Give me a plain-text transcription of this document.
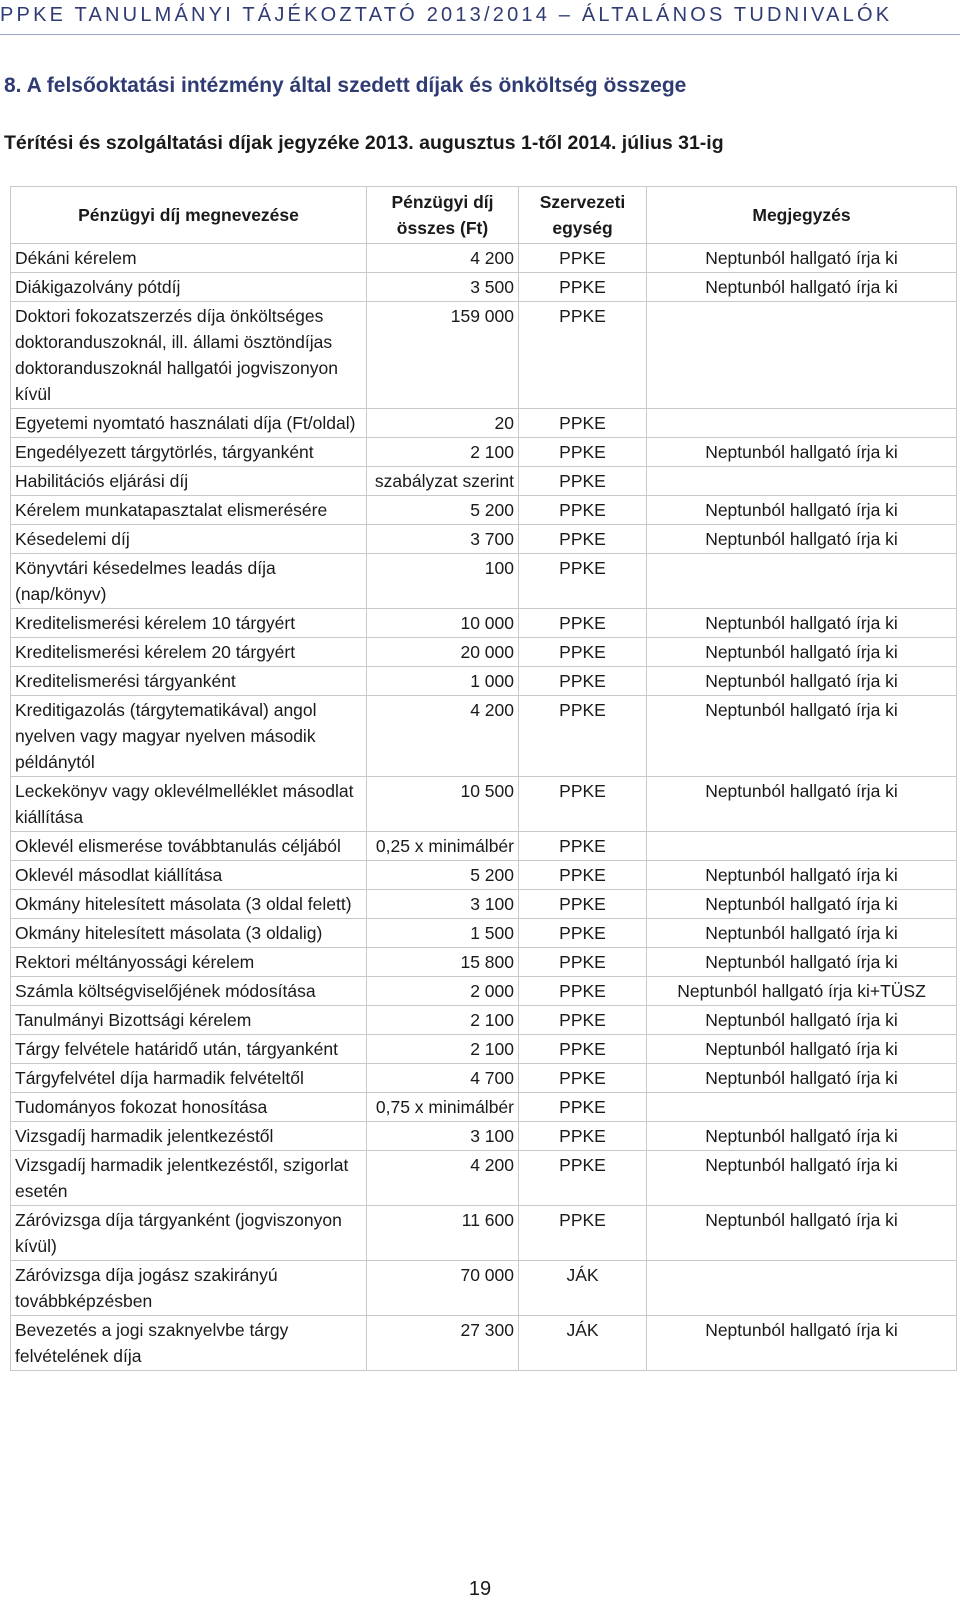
PPKE TANULMÁNYI TÁJÉKOZTATÓ 2013/2014 – ÁLTALÁNOS TUDNIVALÓK
8. A felsőoktatási intézmény által szedett díjak és önköltség összege
Térítési és szolgáltatási díjak jegyzéke 2013. augusztus 1-től 2014. július 31-ig
Pénzügyi díj megnevezése	Pénzügyi díj összes (Ft)	Szervezeti egység	Megjegyzés
Dékáni kérelem	4 200	PPKE	Neptunból hallgató írja ki
Diákigazolvány pótdíj	3 500	PPKE	Neptunból hallgató írja ki
Doktori fokozatszerzés díja önköltséges doktoranduszoknál, ill. állami ösztöndíjas doktoranduszoknál hallgatói jogviszonyon kívül	159 000	PPKE	
Egyetemi nyomtató használati díja (Ft/oldal)	20	PPKE	
Engedélyezett tárgytörlés, tárgyanként	2 100	PPKE	Neptunból hallgató írja ki
Habilitációs eljárási díj	szabályzat szerint	PPKE	
Kérelem munkatapasztalat elismerésére	5 200	PPKE	Neptunból hallgató írja ki
Késedelemi díj	3 700	PPKE	Neptunból hallgató írja ki
Könyvtári késedelmes leadás díja (nap/könyv)	100	PPKE	
Kreditelismerési kérelem 10 tárgyért	10 000	PPKE	Neptunból hallgató írja ki
Kreditelismerési kérelem 20 tárgyért	20 000	PPKE	Neptunból hallgató írja ki
Kreditelismerési tárgyanként	1 000	PPKE	Neptunból hallgató írja ki
Kreditigazolás (tárgytematikával) angol nyelven vagy magyar nyelven második példánytól	4 200	PPKE	Neptunból hallgató írja ki
Leckekönyv vagy oklevélmelléklet másodlat kiállítása	10 500	PPKE	Neptunból hallgató írja ki
Oklevél elismerése továbbtanulás céljából	0,25 x minimálbér	PPKE	
Oklevél másodlat kiállítása	5 200	PPKE	Neptunból hallgató írja ki
Okmány hitelesített másolata (3 oldal felett)	3 100	PPKE	Neptunból hallgató írja ki
Okmány hitelesített másolata (3 oldalig)	1 500	PPKE	Neptunból hallgató írja ki
Rektori méltányossági kérelem	15 800	PPKE	Neptunból hallgató írja ki
Számla költségviselőjének módosítása	2 000	PPKE	Neptunból hallgató írja ki+TÜSZ
Tanulmányi Bizottsági kérelem	2 100	PPKE	Neptunból hallgató írja ki
Tárgy felvétele határidő után, tárgyanként	2 100	PPKE	Neptunból hallgató írja ki
Tárgyfelvétel díja harmadik felvételtől	4 700	PPKE	Neptunból hallgató írja ki
Tudományos fokozat honosítása	0,75 x minimálbér	PPKE	
Vizsgadíj harmadik jelentkezéstől	3 100	PPKE	Neptunból hallgató írja ki
Vizsgadíj harmadik jelentkezéstől, szigorlat esetén	4 200	PPKE	Neptunból hallgató írja ki
Záróvizsga díja tárgyanként (jogviszonyon kívül)	11 600	PPKE	Neptunból hallgató írja ki
Záróvizsga díja jogász szakirányú továbbképzésben	70 000	JÁK	
Bevezetés a jogi szaknyelvbe tárgy felvételének díja	27 300	JÁK	Neptunból hallgató írja ki
19
